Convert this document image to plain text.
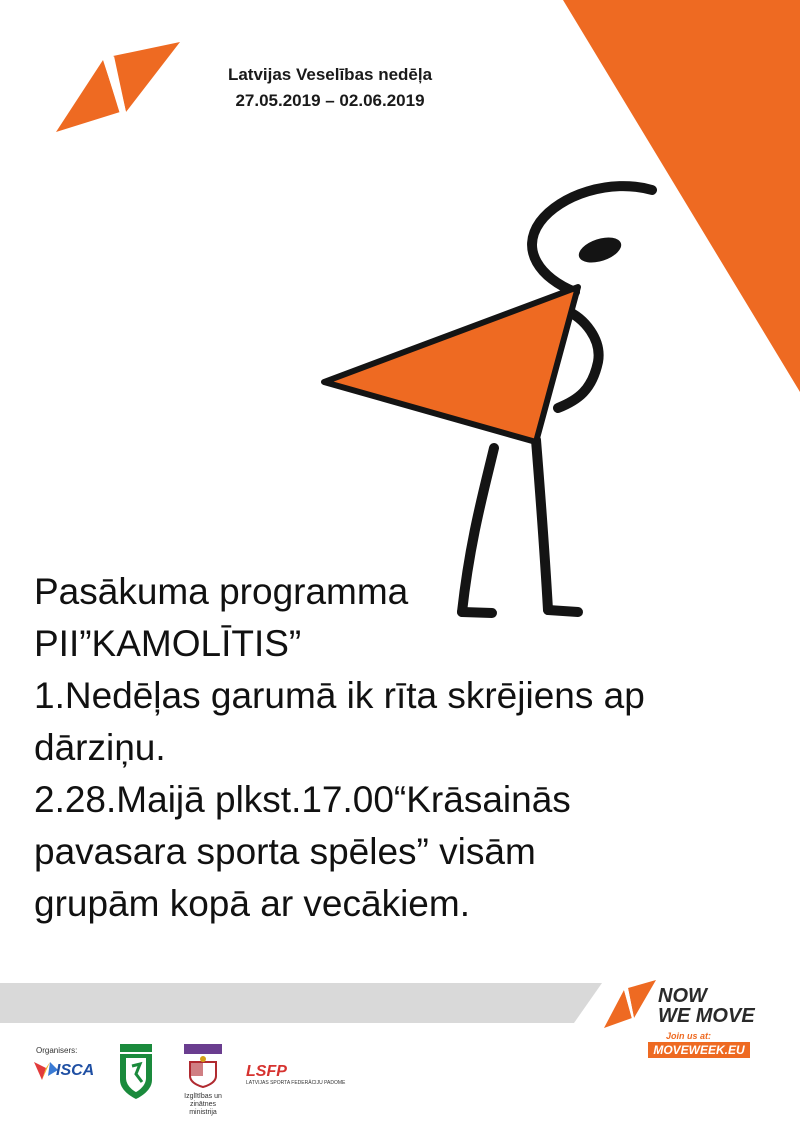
Latvijas Veselības nedēļa
27.05.2019 – 02.06.2019
Pasākuma programma
PII”KAMOLĪTIS”
1.Nedēļas garumā ik rīta skrējiens ap
dārziņu.
2.28.Maijā plkst.17.00“Krāsainās
pavasara sporta spēles” visām
grupām kopā ar vecākiem.
NOW
WE MOVE
Join us at:
MOVEWEEK.EU
Organisers:
ISCA
Izglītības un zinātnes ministrija
LSFP
LATVIJAS SPORTA FEDERĀCIJU PADOME
